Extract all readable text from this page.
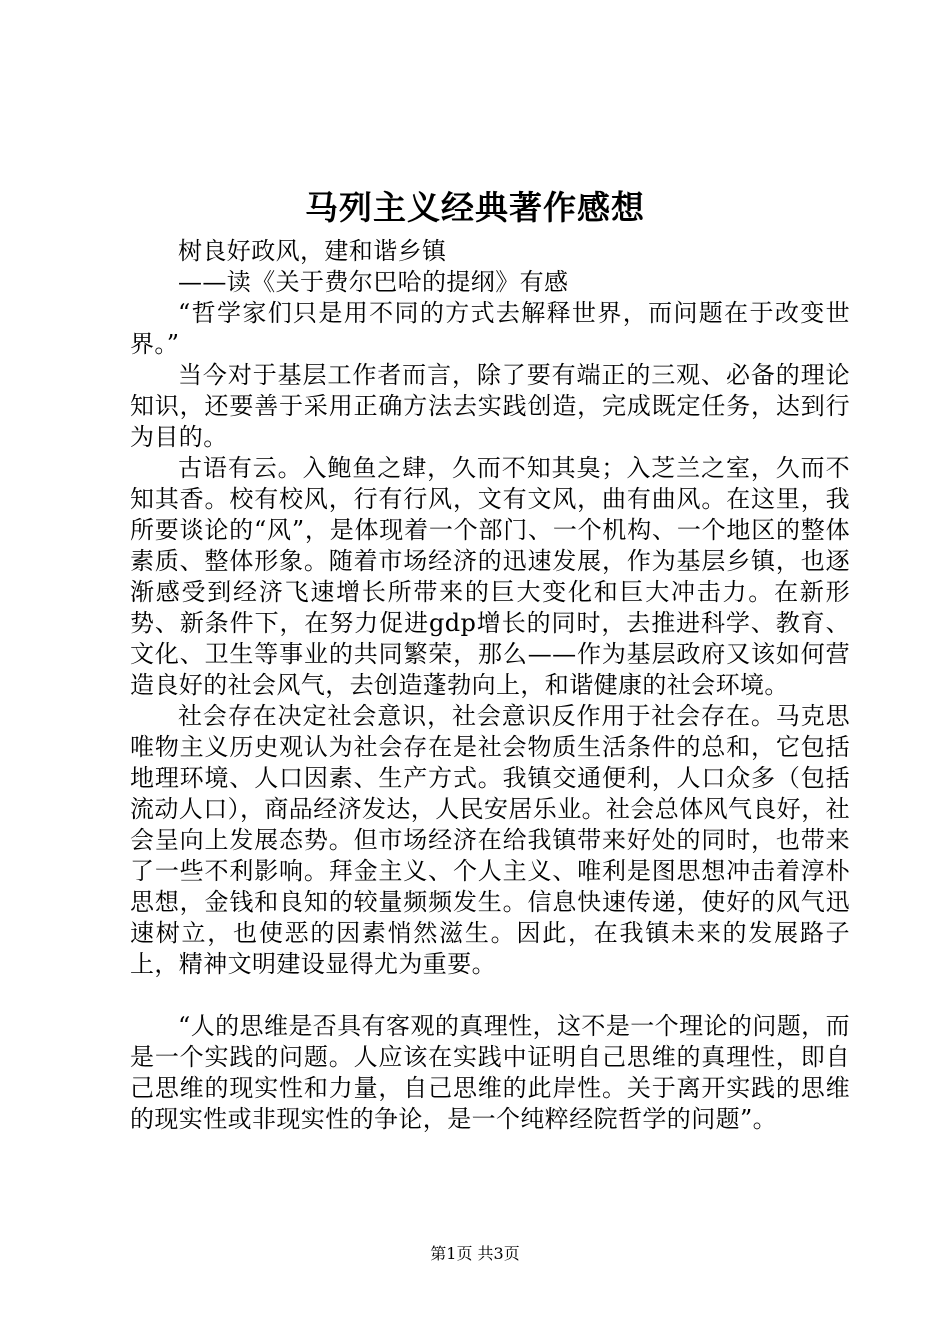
马列主义经典著作感想

树良好政风，建和谐乡镇

——读《关于费尔巴哈的提纲》有感

“哲学家们只是用不同的方式去解释世界，而问题在于改变世界。”

当今对于基层工作者而言，除了要有端正的三观、必备的理论知识，还要善于采用正确方法去实践创造，完成既定任务，达到行为目的。

古语有云。入鲍鱼之肆，久而不知其臭；入芝兰之室，久而不知其香。校有校风，行有行风，文有文风，曲有曲风。在这里，我所要谈论的“风”，是体现着一个部门、一个机构、一个地区的整体素质、整体形象。随着市场经济的迅速发展，作为基层乡镇，也逐渐感受到经济飞速增长所带来的巨大变化和巨大冲击力。在新形势、新条件下，在努力促进gdp增长的同时，去推进科学、教育、文化、卫生等事业的共同繁荣，那么——作为基层政府又该如何营造良好的社会风气，去创造蓬勃向上，和谐健康的社会环境。

社会存在决定社会意识，社会意识反作用于社会存在。马克思唯物主义历史观认为社会存在是社会物质生活条件的总和，它包括地理环境、人口因素、生产方式。我镇交通便利，人口众多（包括流动人口），商品经济发达，人民安居乐业。社会总体风气良好，社会呈向上发展态势。但市场经济在给我镇带来好处的同时，也带来了一些不利影响。拜金主义、个人主义、唯利是图思想冲击着淳朴思想，金钱和良知的较量频频发生。信息快速传递，使好的风气迅速树立，也使恶的因素悄然滋生。因此，在我镇未来的发展路子上，精神文明建设显得尤为重要。

“人的思维是否具有客观的真理性，这不是一个理论的问题，而是一个实践的问题。人应该在实践中证明自己思维的真理性，即自己思维的现实性和力量，自己思维的此岸性。关于离开实践的思维的现实性或非现实性的争论，是一个纯粹经院哲学的问题”。

第1页 共3页
